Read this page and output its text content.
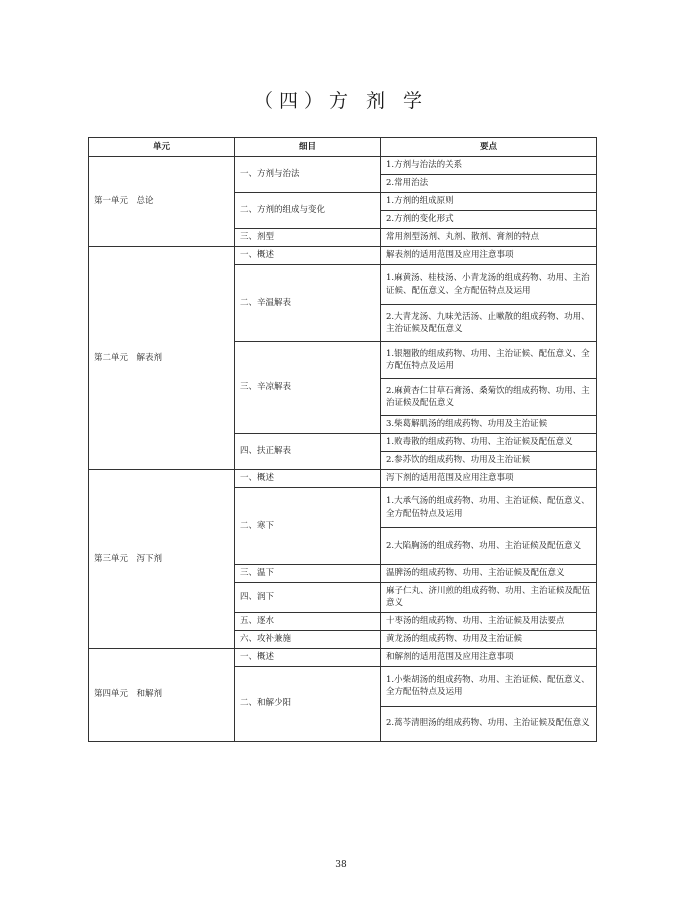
（四）方 剂 学
单元	细目	要点
第一单元　总论	一、方剂与治法	1.方剂与治法的关系
		2.常用治法
	二、方剂的组成与变化	1.方剂的组成原则
		2.方剂的变化形式
	三、剂型	常用剂型汤剂、丸剂、散剂、膏剂的特点
第二单元　解表剂	一、概述	解表剂的适用范围及应用注意事项
	二、辛温解表	1.麻黄汤、桂枝汤、小青龙汤的组成药物、功用、主治证候、配伍意义、全方配伍特点及运用
		2.大青龙汤、九味羌活汤、止嗽散的组成药物、功用、主治证候及配伍意义
	三、辛凉解表	1.银翘散的组成药物、功用、主治证候、配伍意义、全方配伍特点及运用
		2.麻黄杏仁甘草石膏汤、桑菊饮的组成药物、功用、主治证候及配伍意义
		3.柴葛解肌汤的组成药物、功用及主治证候
	四、扶正解表	1.败毒散的组成药物、功用、主治证候及配伍意义
		2.参苏饮的组成药物、功用及主治证候
第三单元　泻下剂	一、概述	泻下剂的适用范围及应用注意事项
	二、寒下	1.大承气汤的组成药物、功用、主治证候、配伍意义、全方配伍特点及运用
		2.大陷胸汤的组成药物、功用、主治证候及配伍意义
	三、温下	温脾汤的组成药物、功用、主治证候及配伍意义
	四、润下	麻子仁丸、济川煎的组成药物、功用、主治证候及配伍意义
	五、逐水	十枣汤的组成药物、功用、主治证候及用法要点
	六、攻补兼施	黄龙汤的组成药物、功用及主治证候
第四单元　和解剂	一、概述	和解剂的适用范围及应用注意事项
	二、和解少阳	1.小柴胡汤的组成药物、功用、主治证候、配伍意义、全方配伍特点及运用
		2.蒿芩清胆汤的组成药物、功用、主治证候及配伍意义
38
